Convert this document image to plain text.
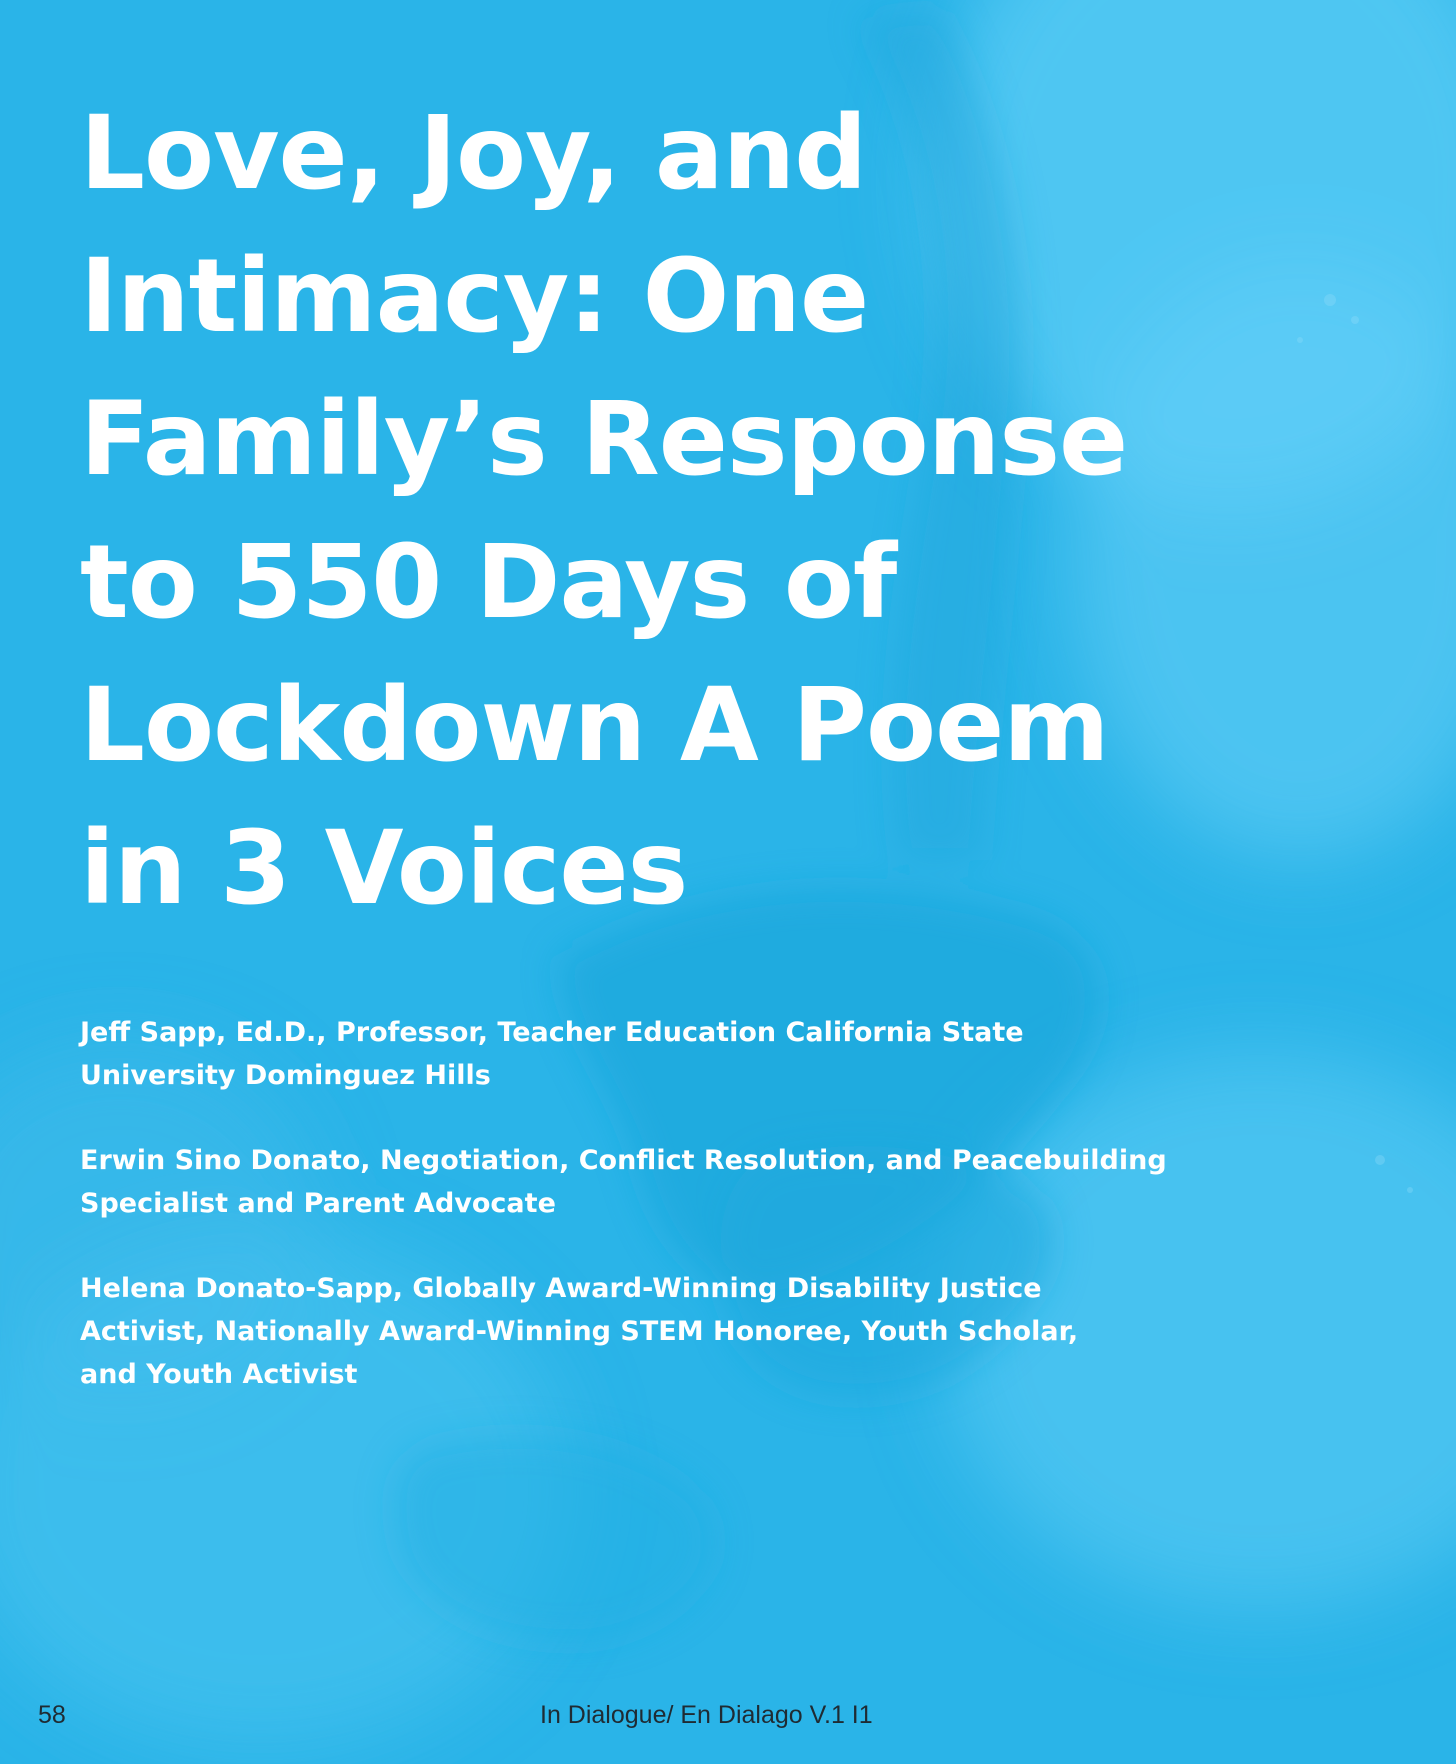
Love, Joy, and
Intimacy: One
Family’s Response
to 550 Days of
Lockdown A Poem
in 3 Voices

Jeff Sapp, Ed.D., Professor, Teacher Education California State
University Dominguez Hills

Erwin Sino Donato, Negotiation, Conflict Resolution, and Peacebuilding
Specialist and Parent Advocate

Helena Donato-Sapp, Globally Award-Winning Disability Justice
Activist, Nationally Award-Winning STEM Honoree, Youth Scholar,
and Youth Activist

58	In Dialogue/ En Dialago V.1 I1
